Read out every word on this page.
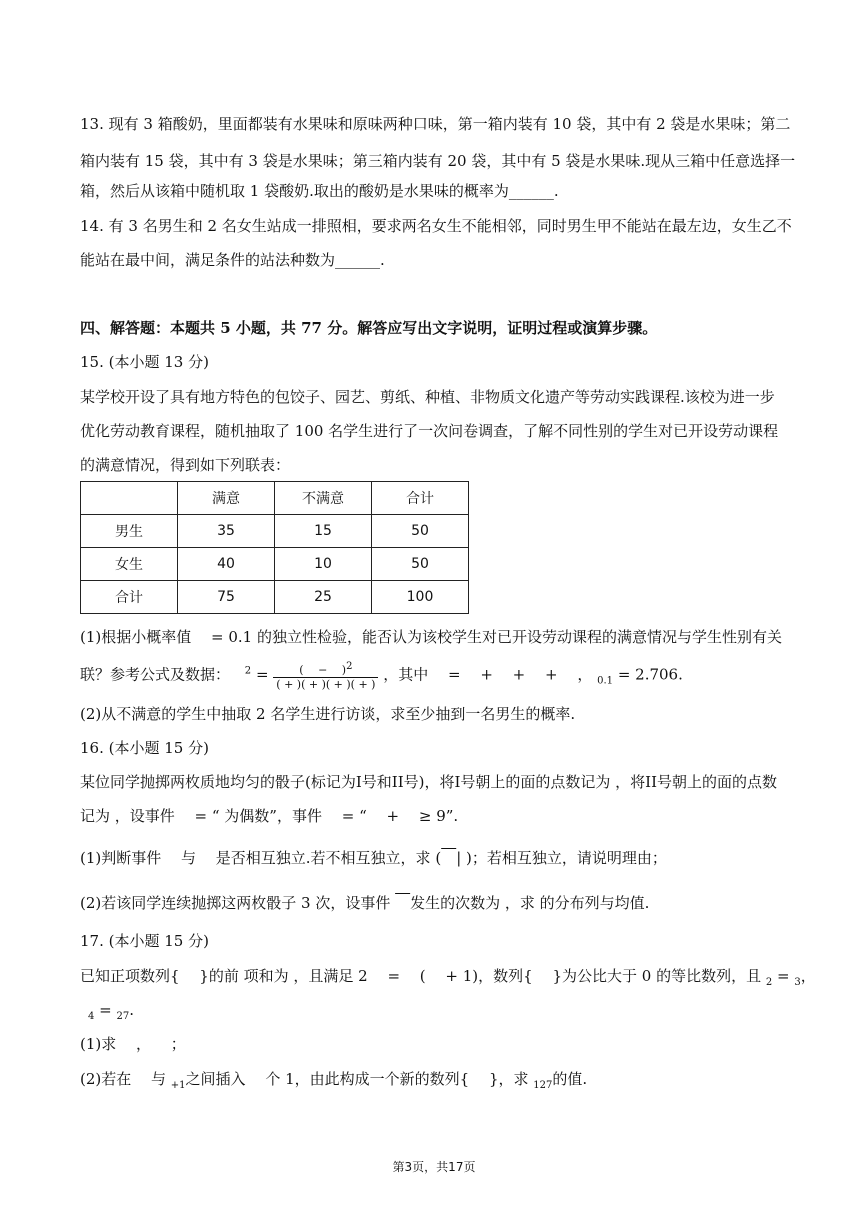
13. 现有 3 箱酸奶，里面都装有水果味和原味两种口味，第一箱内装有 10 袋，其中有 2 袋是水果味；第二
箱内装有 15 袋，其中有 3 袋是水果味；第三箱内装有 20 袋，其中有 5 袋是水果味.现从三箱中任意选择一
箱，然后从该箱中随机取 1 袋酸奶.取出的酸奶是水果味的概率为______.
14. 有 3 名男生和 2 名女生站成一排照相，要求两名女生不能相邻，同时男生甲不能站在最左边，女生乙不
能站在最中间，满足条件的站法种数为______.
四、解答题：本题共 5 小题，共 77 分。解答应写出文字说明，证明过程或演算步骤。
15. (本小题 13 分)
某学校开设了具有地方特色的包饺子、园艺、剪纸、种植、非物质文化遗产等劳动实践课程.该校为进一步
优化劳动教育课程，随机抽取了 100 名学生进行了一次问卷调查，了解不同性别的学生对已开设劳动课程
的满意情况，得到如下列联表：
	满意	不满意	合计
男生	35	15	50
女生	40	10	50
合计	75	25	100
(1)根据小概率值 　= 0.1 的独立性检验，能否认为该校学生对已开设劳动课程的满意情况与学生性别有关
联？参考公式及数据： $^2 = \frac{( - )^2}{( + )( + )( + )( + )}$ ，其中 　= 　+ 　+ 　+ 　， $_{0.1}$ = 2.706.
(2)从不满意的学生中抽取 2 名学生进行访谈，求至少抽到一名男生的概率.
16. (本小题 15 分)
某位同学抛掷两枚质地均匀的骰子(标记为I号和II号)，将I号朝上的面的点数记为 ，将II号朝上的面的点数
记为 ，设事件 　= “ 为偶数”，事件 　= “ 　+ 　≥ 9”.
(1)判断事件 　与 　是否相互独立.若不相互独立，求 (　 | )；若相互独立，请说明理由；
(2)若该同学连续抛掷这两枚骰子 3 次，设事件 　发生的次数为 ，求 的分布列与均值.
17. (本小题 15 分)
已知正项数列{ 　}的前 项和为 ，且满足 2 　= 　( 　+ 1)，数列{ 　}为公比大于 0 的等比数列，且 $_2$ = $_3$，
$_4$ = $_{27}$.
(1)求 　， 　；
(2)若在 　与 $_{+1}$之间插入 　个 1，由此构成一个新的数列{ 　}，求 $_{127}$的值.
第3页，共17页
